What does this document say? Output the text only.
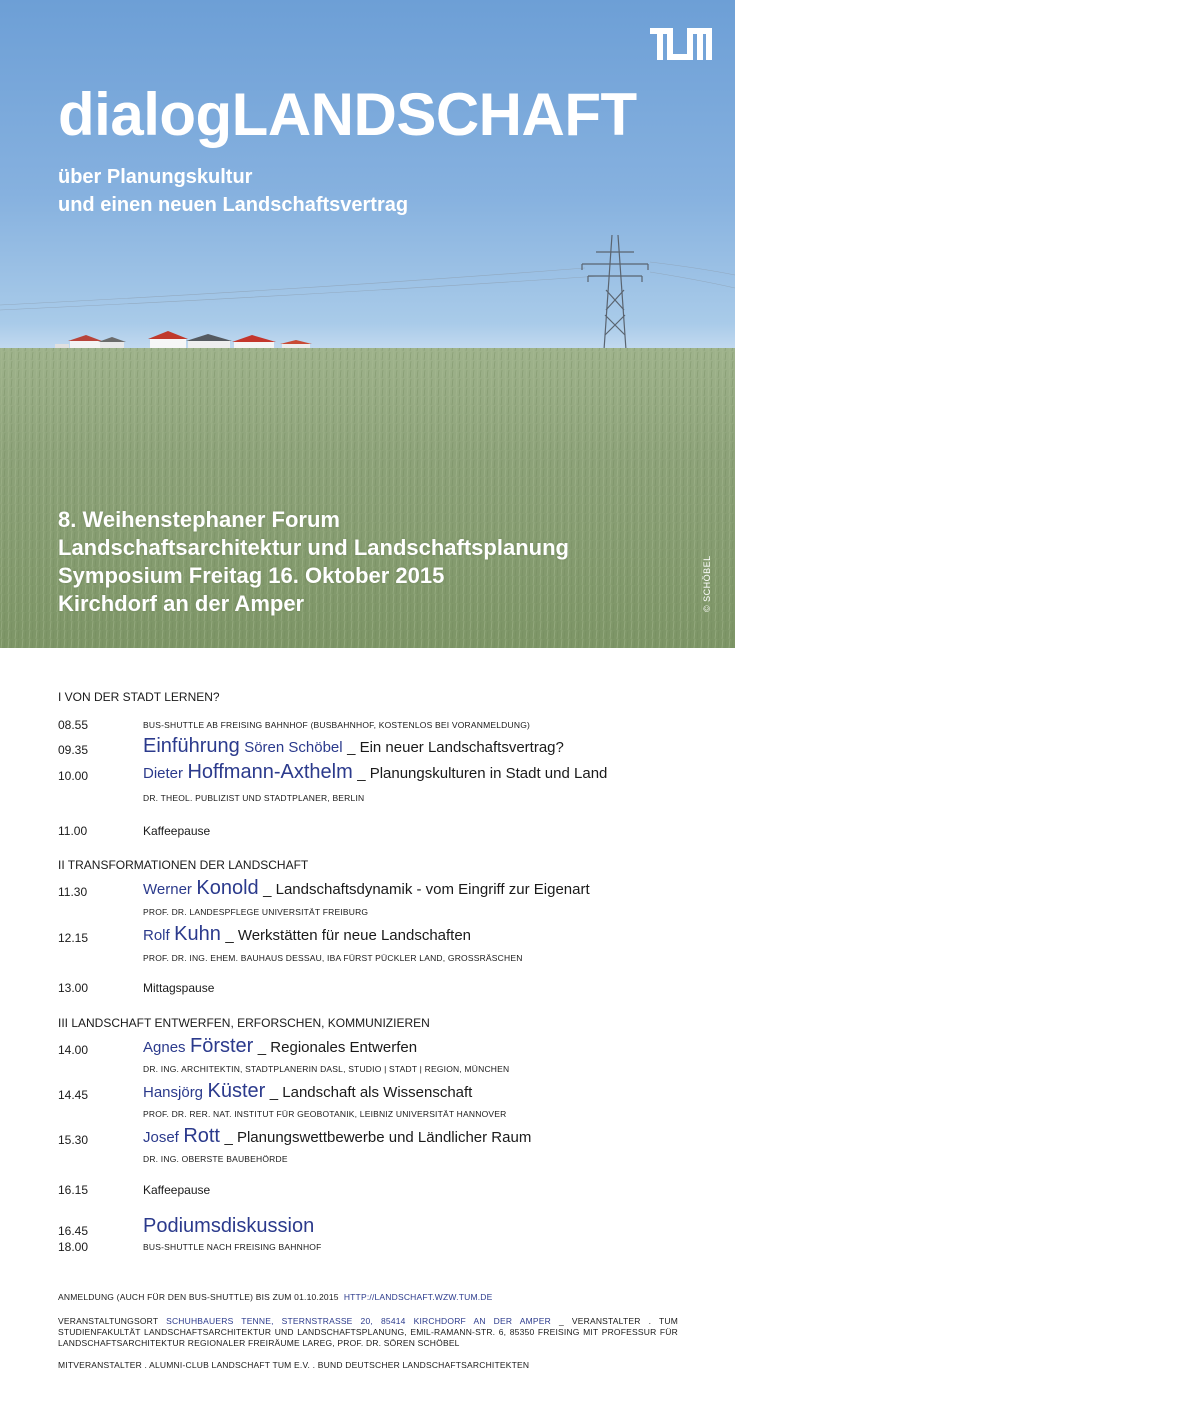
dialogLANDSCHAFT
über Planungskultur
und einen neuen Landschaftsvertrag
8. Weihenstephaner Forum
Landschaftsarchitektur und Landschaftsplanung
Symposium Freitag 16. Oktober 2015
Kirchdorf an der Amper	© SCHÖBEL
I VON DER STADT LERNEN?
08.55	BUS-SHUTTLE AB FREISING BAHNHOF (BUSBAHNHOF, KOSTENLOS BEI VORANMELDUNG)
09.35	Einführung Sören Schöbel _ Ein neuer Landschaftsvertrag?
10.00	Dieter Hoffmann-Axthelm _ Planungskulturen in Stadt und Land
DR. THEOL. PUBLIZIST UND STADTPLANER, BERLIN
11.00	Kaffeepause
II TRANSFORMATIONEN DER LANDSCHAFT
11.30	Werner Konold _ Landschaftsdynamik - vom Eingriff zur Eigenart
PROF. DR. LANDESPFLEGE UNIVERSITÄT FREIBURG
12.15	Rolf Kuhn _ Werkstätten für neue Landschaften
PROF. DR. ING. EHEM. BAUHAUS DESSAU, IBA FÜRST PÜCKLER LAND, GROSSRÄSCHEN
13.00	Mittagspause
III LANDSCHAFT ENTWERFEN, ERFORSCHEN, KOMMUNIZIEREN
14.00	Agnes Förster _ Regionales Entwerfen
DR. ING. ARCHITEKTIN, STADTPLANERIN DASL, STUDIO | STADT | REGION, MÜNCHEN
14.45	Hansjörg Küster _ Landschaft als Wissenschaft
PROF. DR. RER. NAT. INSTITUT FÜR GEOBOTANIK, LEIBNIZ UNIVERSITÄT HANNOVER
15.30	Josef Rott _ Planungswettbewerbe und Ländlicher Raum
DR. ING. OBERSTE BAUBEHÖRDE
16.15	Kaffeepause
16.45	Podiumsdiskussion
18.00	BUS-SHUTTLE NACH FREISING BAHNHOF
ANMELDUNG (AUCH FÜR DEN BUS-SHUTTLE) BIS ZUM 01.10.2015 HTTP://LANDSCHAFT.WZW.TUM.DE
VERANSTALTUNGSORT SCHUHBAUERS TENNE, STERNSTRASSE 20, 85414 KIRCHDORF AN DER AMPER _ VERANSTALTER . TUM STUDIENFAKULTÄT LANDSCHAFTSARCHITEKTUR UND LANDSCHAFTSPLANUNG, EMIL-RAMANN-STR. 6, 85350 FREISING MIT PROFESSUR FÜR LANDSCHAFTSARCHITEKTUR REGIONALER FREIRÄUME LAREG, PROF. DR. SÖREN SCHÖBEL
MITVERANSTALTER . ALUMNI-CLUB LANDSCHAFT TUM E.V. . BUND DEUTSCHER LANDSCHAFTSARCHITEKTEN
